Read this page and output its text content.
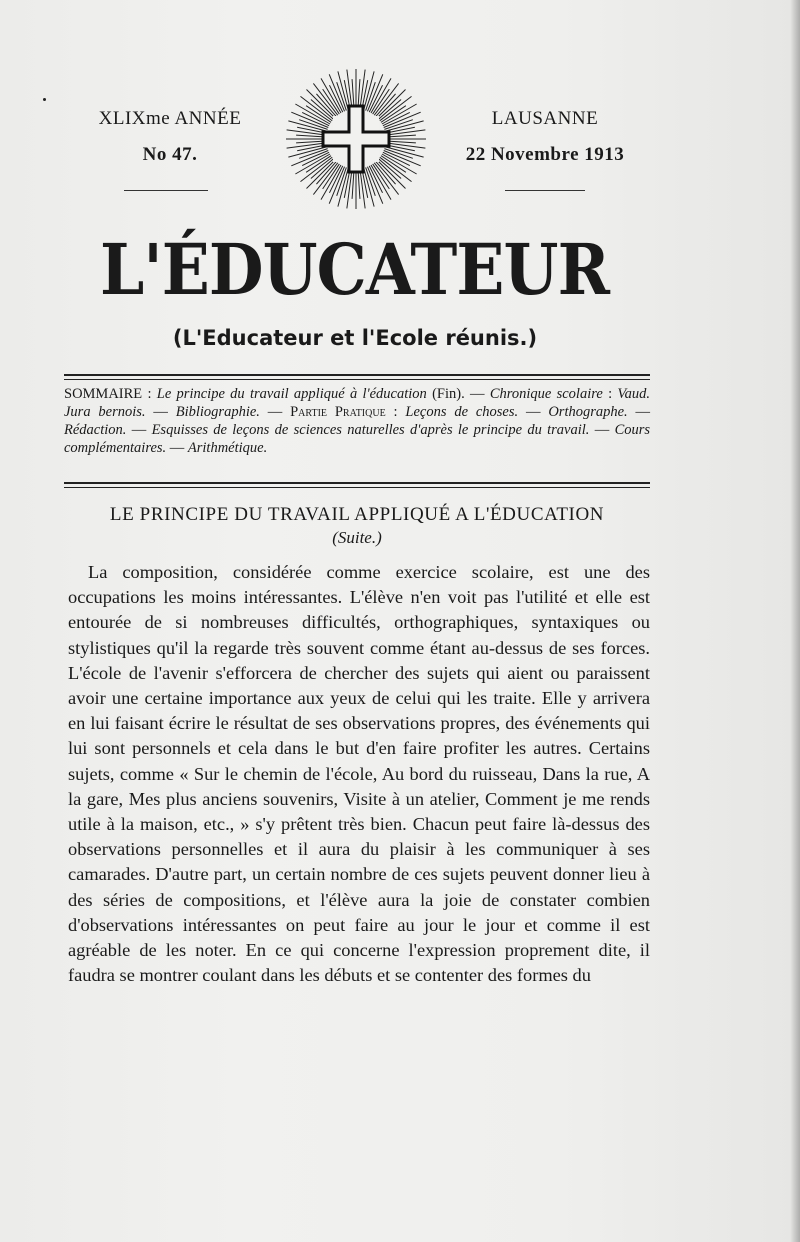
XLIXme ANNÉE
No 47.
LAUSANNE
22 Novembre 1913
L'ÉDUCATEUR
(L'Educateur et l'Ecole réunis.)
SOMMAIRE : Le principe du travail appliqué à l'éducation (Fin). — Chronique scolaire : Vaud. Jura bernois. — Bibliographie. — Partie Pratique : Leçons de choses. — Orthographe. — Rédaction. — Esquisses de leçons de sciences naturelles d'après le principe du travail. — Cours complémentaires. — Arithmétique.
LE PRINCIPE DU TRAVAIL APPLIQUÉ A L'ÉDUCATION
(Suite.)

La composition, considérée comme exercice scolaire, est une des occupations les moins intéressantes. L'élève n'en voit pas l'utilité et elle est entourée de si nombreuses difficultés, orthographiques, syntaxiques ou stylistiques qu'il la regarde très souvent comme étant au-dessus de ses forces. L'école de l'avenir s'efforcera de chercher des sujets qui aient ou paraissent avoir une certaine importance aux yeux de celui qui les traite. Elle y arrivera en lui faisant écrire le résultat de ses observations propres, des événements qui lui sont personnels et cela dans le but d'en faire profiter les autres. Certains sujets, comme « Sur le chemin de l'école, Au bord du ruisseau, Dans la rue, A la gare, Mes plus anciens souvenirs, Visite à un atelier, Comment je me rends utile à la maison, etc., » s'y prêtent très bien. Chacun peut faire là-dessus des observations personnelles et il aura du plaisir à les communiquer à ses camarades. D'autre part, un certain nombre de ces sujets peuvent donner lieu à des séries de compositions, et l'élève aura la joie de constater combien d'observations intéressantes on peut faire au jour le jour et comme il est agréable de les noter. En ce qui concerne l'expression proprement dite, il faudra se montrer coulant dans les débuts et se contenter des formes du
